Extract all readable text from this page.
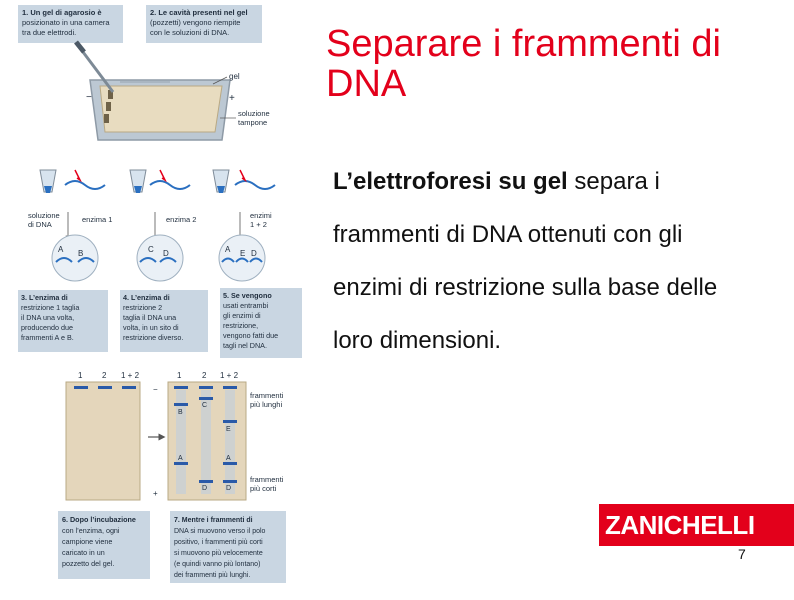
1. Un gel di agarosio è posizionato in una camera tra due elettrodi.
2. Le cavità presenti nel gel (pozzetti) vengono riempite con le soluzioni di DNA.
−	+
gel
soluzione tampone
soluzione di DNA
enzima 1	enzima 2	enzimi 1 + 2
A B	C D	A E D
3. L’enzima di restrizione 1 taglia il DNA una volta, producendo due frammenti A e B.
4. L’enzima di restrizione 2 taglia il DNA una volta, in un sito di restrizione diverso.
5. Se vengono usati entrambi gli enzimi di restrizione, vengono fatti due tagli nel DNA.
1 2 1 + 2	1	2 1 + 2
B
C
E
A	A
D	D
frammenti più lunghi
frammenti più corti
−
+
6. Dopo l’incubazione con l’enzima, ogni campione viene caricato in un pozzetto del gel.
7. Mentre i frammenti di DNA si muovono verso il polo positivo, i frammenti più corti si muovono più velocemente (e quindi vanno più lontano) dei frammenti più lunghi.
Separare i frammenti di DNA
L’elettroforesi su gel separa i frammenti di DNA ottenuti con gli enzimi di restrizione sulla base delle loro dimensioni.
ZANICHELLI
7
